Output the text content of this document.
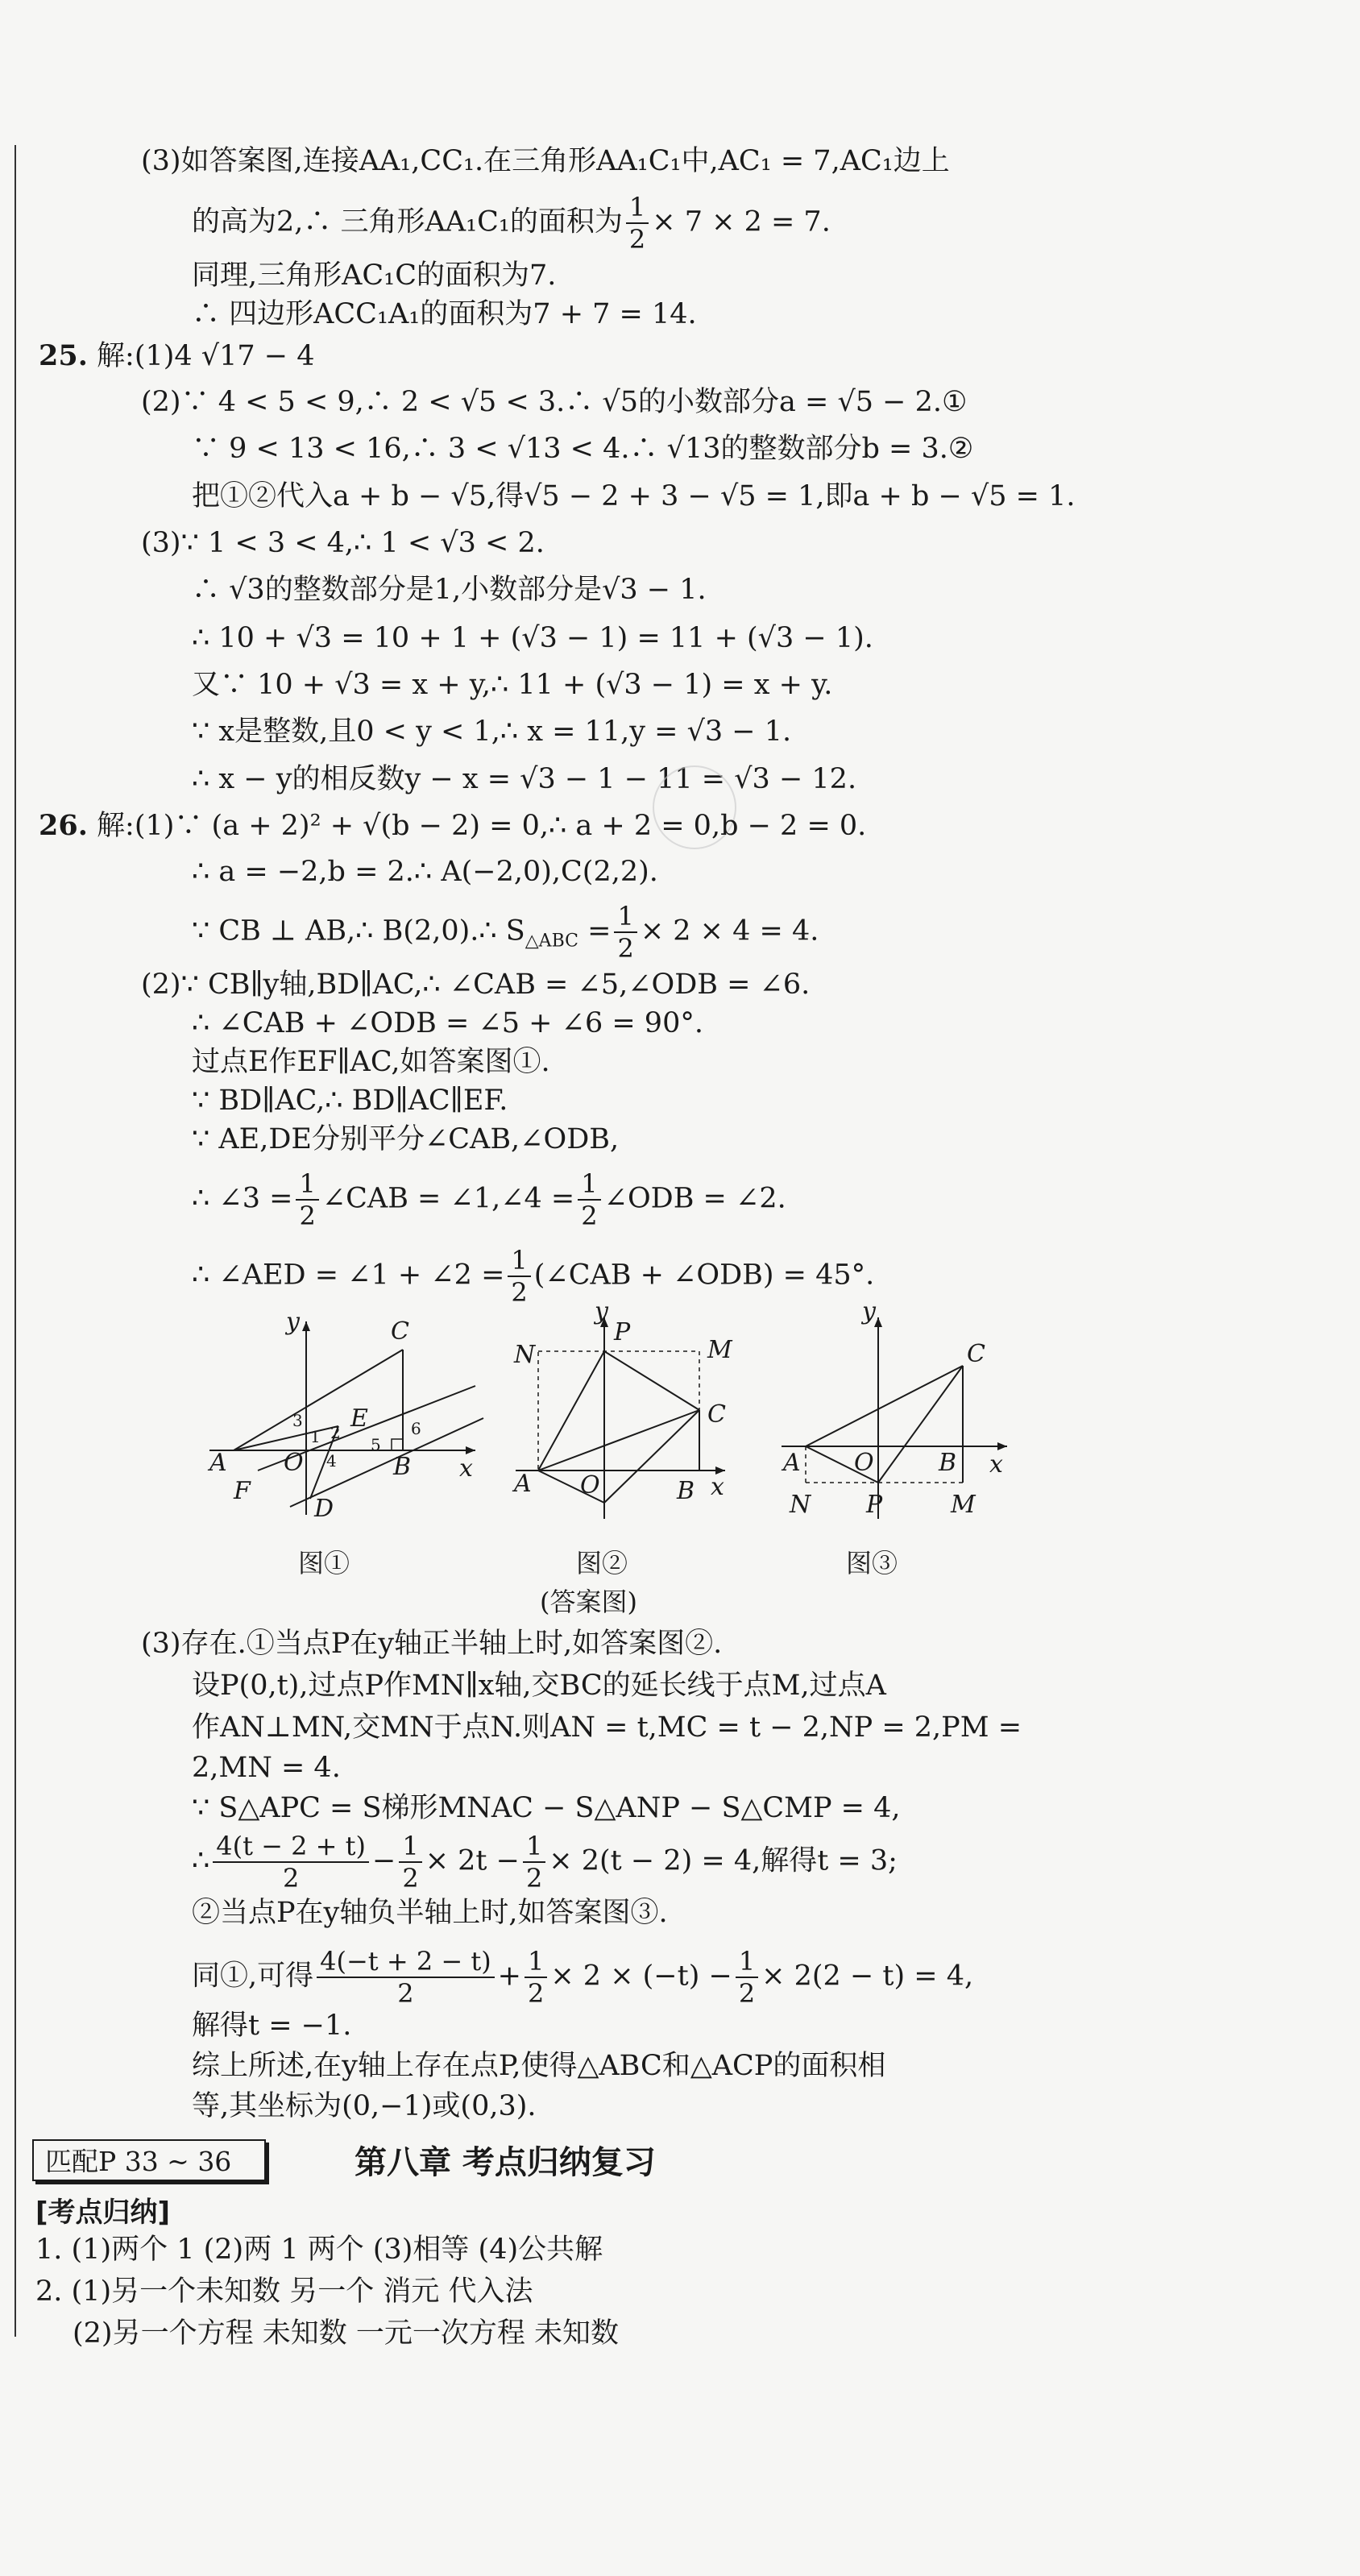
(3)如答案图,连接AA₁,CC₁.在三角形AA₁C₁中,AC₁ = 7,AC₁边上
的高为2,∴ 三角形AA₁C₁的面积为 $\frac{1}{2} \times 7 \times 2 = 7$.
同理,三角形AC₁C的面积为7.
∴ 四边形ACC₁A₁的面积为7 + 7 = 14.
25. 解:(1)4 √17 − 4
(2)∵ 4 < 5 < 9,∴ 2 < √5 < 3.∴ √5的小数部分a = √5 − 2.①
∵ 9 < 13 < 16,∴ 3 < √13 < 4.∴ √13的整数部分b = 3.②
把①②代入a + b − √5,得√5 − 2 + 3 − √5 = 1,即a + b − √5 = 1.
(3)∵ 1 < 3 < 4,∴ 1 < √3 < 2.
∴ √3的整数部分是1,小数部分是√3 − 1.
∴ 10 + √3 = 10 + 1 + (√3 − 1) = 11 + (√3 − 1).
又∵ 10 + √3 = x + y,∴ 11 + (√3 − 1) = x + y.
∵ x是整数,且0 < y < 1,∴ x = 11,y = √3 − 1.
∴ x − y的相反数y − x = √3 − 1 − 11 = √3 − 12.
26. 解:(1)∵ (a + 2)² + √(b − 2) = 0,∴ a + 2 = 0,b − 2 = 0.
∴ a = −2,b = 2.∴ A(−2,0),C(2,2).
∵ CB ⊥ AB,∴ B(2,0).∴ $S_{\triangle ABC} = \frac{1}{2} \times 2 \times 4 = 4$.
(2)∵ CB∥y轴,BD∥AC,∴ ∠CAB = ∠5,∠ODB = ∠6.
∴ ∠CAB + ∠ODB = ∠5 + ∠6 = 90°.
过点E作EF∥AC,如答案图①.
∵ BD∥AC,∴ BD∥AC∥EF.
∵ AE,DE分别平分∠CAB,∠ODB,
∴ ∠3 = $\frac{1}{2}$ ∠CAB = ∠1,∠4 = $\frac{1}{2}$ ∠ODB = ∠2.
∴ ∠AED = ∠1 + ∠2 = $\frac{1}{2}$ (∠CAB + ∠ODB) = 45°.
C
E
A O	B x
y
F
D
1 2
3
4
5
6
图①
y
P
N	M
C
A O	B x
图②
(答案图)
y
C
A O	B x
N P	M
图③
(3)存在.①当点P在y轴正半轴上时,如答案图②.
设P(0,t),过点P作MN∥x轴,交BC的延长线于点M,过点A
作AN⊥MN,交MN于点N.则AN = t,MC = t − 2,NP = 2,PM =
2,MN = 4.
∵ S△APC = S梯形MNAC − S△ANP − S△CMP = 4,
∴ $\frac{4(t - 2 + t)}{2} - \frac{1}{2} \times 2t - \frac{1}{2} \times 2(t - 2) = 4$,解得t = 3;
②当点P在y轴负半轴上时,如答案图③.
同①,可得 $\frac{4(-t + 2 - t)}{2} + \frac{1}{2} \times 2 \times (-t) - \frac{1}{2} \times 2(2 - t) = 4$,
解得t = −1.
综上所述,在y轴上存在点P,使得△ABC和△ACP的面积相
等,其坐标为(0,−1)或(0,3).
匹配P 33 ~ 36	第八章 考点归纳复习
[考点归纳]
1. (1)两个 1 (2)两 1 两个 (3)相等 (4)公共解
2. (1)另一个未知数 另一个 消元 代入法
(2)另一个方程 未知数 一元一次方程 未知数
